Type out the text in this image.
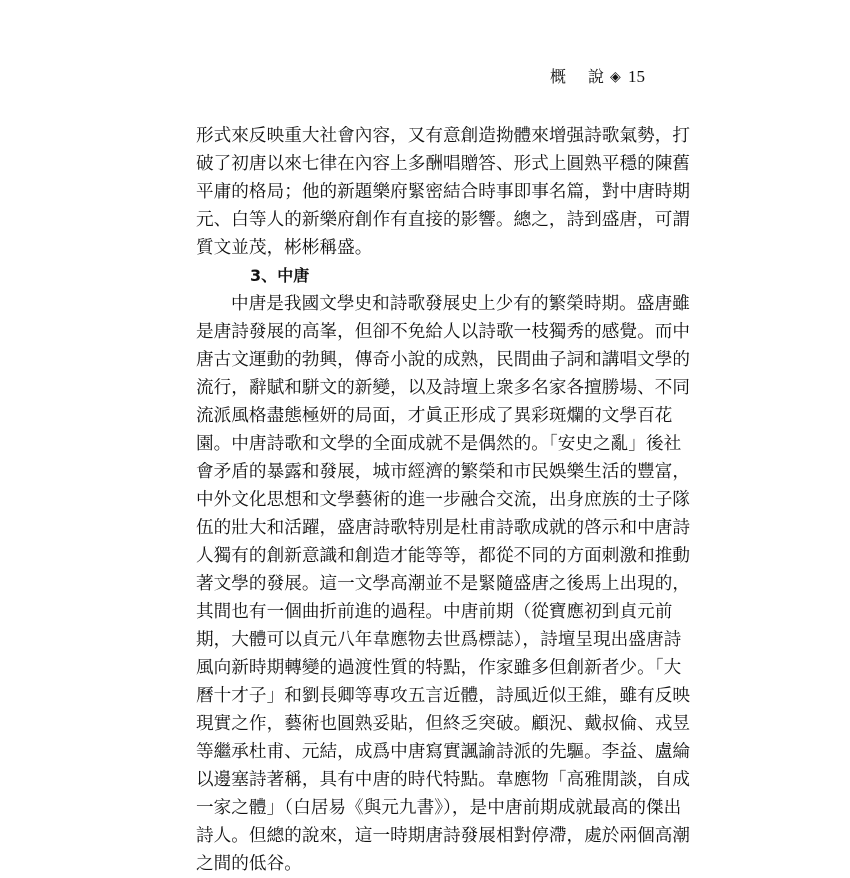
概 說 ◈ 15
形式來反映重大社會內容，又有意創造拗體來增强詩歌氣勢，打
破了初唐以來七律在內容上多酬唱贈答、形式上圓熟平穩的陳舊
平庸的格局；他的新題樂府緊密結合時事即事名篇，對中唐時期
元、白等人的新樂府創作有直接的影響。總之，詩到盛唐，可謂
質文並茂，彬彬稱盛。
3、中唐
中唐是我國文學史和詩歌發展史上少有的繁榮時期。盛唐雖
是唐詩發展的高峯，但卻不免給人以詩歌一枝獨秀的感覺。而中
唐古文運動的勃興，傳奇小說的成熟，民間曲子詞和講唱文學的
流行，辭賦和駢文的新變，以及詩壇上衆多名家各擅勝場、不同
流派風格盡態極妍的局面，才眞正形成了異彩斑爛的文學百花
園。中唐詩歌和文學的全面成就不是偶然的。「安史之亂」後社
會矛盾的暴露和發展，城市經濟的繁榮和市民娛樂生活的豐富，
中外文化思想和文學藝術的進一步融合交流，出身庶族的士子隊
伍的壯大和活躍，盛唐詩歌特別是杜甫詩歌成就的啓示和中唐詩
人獨有的創新意識和創造才能等等，都從不同的方面刺激和推動
著文學的發展。這一文學高潮並不是緊隨盛唐之後馬上出現的，
其間也有一個曲折前進的過程。中唐前期（從寶應初到貞元前
期，大體可以貞元八年韋應物去世爲標誌），詩壇呈現出盛唐詩
風向新時期轉變的過渡性質的特點，作家雖多但創新者少。「大
曆十才子」和劉長卿等專攻五言近體，詩風近似王維，雖有反映
現實之作，藝術也圓熟妥貼，但終乏突破。顧況、戴叔倫、戎昱
等繼承杜甫、元結，成爲中唐寫實諷諭詩派的先驅。李益、盧綸
以邊塞詩著稱，具有中唐的時代特點。韋應物「高雅閒談，自成
一家之體」（白居易《與元九書》），是中唐前期成就最高的傑出
詩人。但總的說來，這一時期唐詩發展相對停滯，處於兩個高潮
之間的低谷。
